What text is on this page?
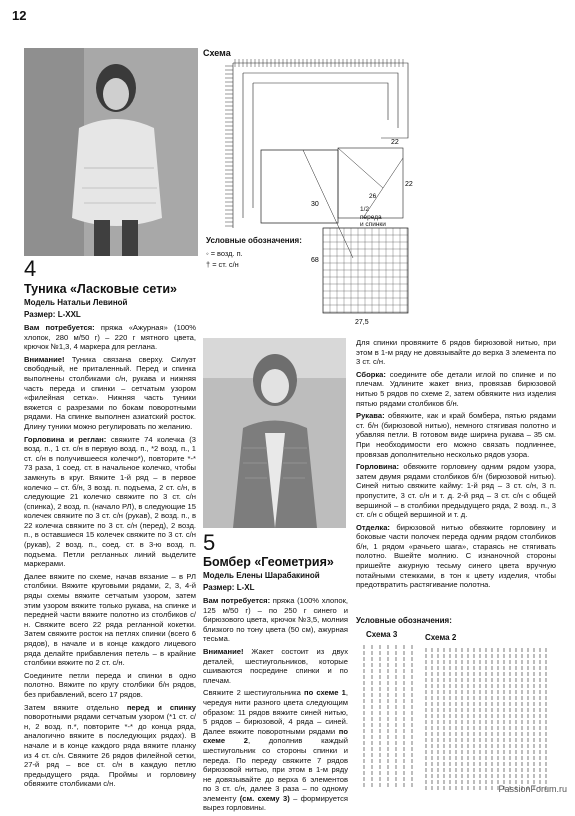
12
Схема
22
22
26
30
68
27,5
1/2
переда
и спинки
Условные обозначения:
◦ = возд. п.
† = ст. с/н
4
Туника «Ласковые сети»
Модель Натальи Левиной
Размер: L-XXL

Вам потребуется: пряжа «Ажурная» (100% хлопок, 280 м/50 г) – 220 г мятного цвета, крючок №1,3, 4 маркера для реглана.

Внимание! Туника связана сверху. Силуэт свободный, не приталенный. Перед и спинка выполнены столбиками с/н, рукава и нижняя часть переда и спинки – сетчатым узором «филейная сетка». Нижняя часть туники вяжется с разрезами по бокам поворотными рядами. На спинке выполнен азиатский росток. Длину туники можно регулировать по желанию.

Горловина и реглан: свяжите 74 колечка (3 возд. п., 1 ст. с/н в первую возд. п., *2 возд. п., 1 ст. с/н в получившееся колечко*), повторите *-* 73 раза, 1 соед. ст. в начальное колечко, чтобы замкнуть в круг. Вяжите 1-й ряд – в первое колечко – ст. б/н, 3 возд. п. подъема, 2 ст. с/н, в следующие 21 колечко свяжите по 3 ст. с/н (спинка), 2 возд. п. (начало РЛ), в следующие 15 колечек свяжите по 3 ст. с/н (рукав), 2 возд. п., в 22 колечка свяжите по 3 ст. с/н (перед), 2 возд. п., в оставшиеся 15 колечек свяжите по 3 ст. с/н (рукав), 2 возд. п., соед. ст. в 3-ю возд. п. подъема. Петли регланных линий выделите маркерами.

Далее вяжите по схеме, начав вязание – в РЛ столбики. Вяжите круговыми рядами, 2, 3, 4-й ряды схемы вяжите сетчатым узором, затем этим узором вяжите только рукава, на спинке и передней части вяжите полотно из столбиков с/н. Свяжите всего 22 ряда регланной кокетки. Затем свяжите росток на петлях спинки (всего 6 рядов), в начале и в конце каждого лицевого ряда делайте прибавления петель – в крайние столбики вяжите по 2 ст. с/н.

Соедините петли переда и спинки в одно полотно. Вяжите по кругу столбики б/н рядов, без прибавлений, всего 17 рядов.

Затем вяжите отдельно перед и спинку поворотными рядами сетчатым узором (*1 ст. с/н, 2 возд. п.*, повторите *-* до конца ряда, аналогично вяжите в последующих рядах). В начале и в конце каждого ряда вяжите планку из 4 ст. с/н. Свяжите 26 рядов филейной сетки, 27-й ряд – все ст. с/н в каждую петлю предыдущего ряда. Проймы и горловину обвяжите столбиками с/н.

5
Бомбер «Геометрия»
Модель Елены Шарабакиной
Размер: L-XL

Вам потребуется: пряжа (100% хлопок, 125 м/50 г) – по 250 г синего и бирюзового цвета, крючок №3,5, молния близкого по тону цвета (50 см), ажурная тесьма.

Внимание! Жакет состоит из двух деталей, шестиугольников, которые сшиваются посредине спинки и по плечам.

Свяжите 2 шестиугольника по схеме 1, чередуя нити разного цвета следующим образом: 11 рядов вяжите синей нитью, 5 рядов – бирюзовой, 4 ряда – синей. Далее вяжите поворотными рядами по схеме 2, дополнив каждый шестиугольник со стороны спинки и переда. По переду свяжите 7 рядов бирюзовой нитью, при этом в 1-м ряду не довязывайте до верха 6 элементов по 3 ст. с/н, далее 3 раза – по одному элементу (см. схему 3) – формируется вырез горловины.

Для спинки провяжите 6 рядов бирюзовой нитью, при этом в 1-м ряду не довязывайте до верха 3 элемента по 3 ст. с/н.

Сборка: соедините обе детали иглой по спинке и по плечам. Удлините жакет вниз, провязав бирюзовой нитью 5 рядов по схеме 2, затем обвяжите низ изделия пятью рядами столбиков б/н.

Рукава: обвяжите, как и край бомбера, пятью рядами ст. б/н (бирюзовой нитью), немного стягивая полотно и убавляя петли. В готовом виде ширина рукава – 35 см. При необходимости его можно связать подлиннее, провязав дополнительно несколько рядов узора.

Горловина: обвяжите горловину одним рядом узора, затем двумя рядами столбиков б/н (бирюзовой нитью). Синей нитью свяжите кайму: 1-й ряд – 3 ст. с/н, 3 п. пропустите, 3 ст. с/н и т. д. 2-й ряд – 3 ст. с/н с общей вершиной – в столбики предыдущего ряда, 2 возд. п., 3 ст. с/н с общей вершиной и т. д.

Отделка: бирюзовой нитью обвяжите горловину и боковые части полочек переда одним рядом столбиков б/н, 1 рядом «рачьего шага», стараясь не стягивать полотно. Вшейте молнию. С изнаночной стороны пришейте ажурную тесьму синего цвета вручную потайными стежками, в тон к цвету изделия, чтобы предотвратить растягивание полотна.

Условные обозначения:
Схема 3	Схема 2
PassionForum.ru
